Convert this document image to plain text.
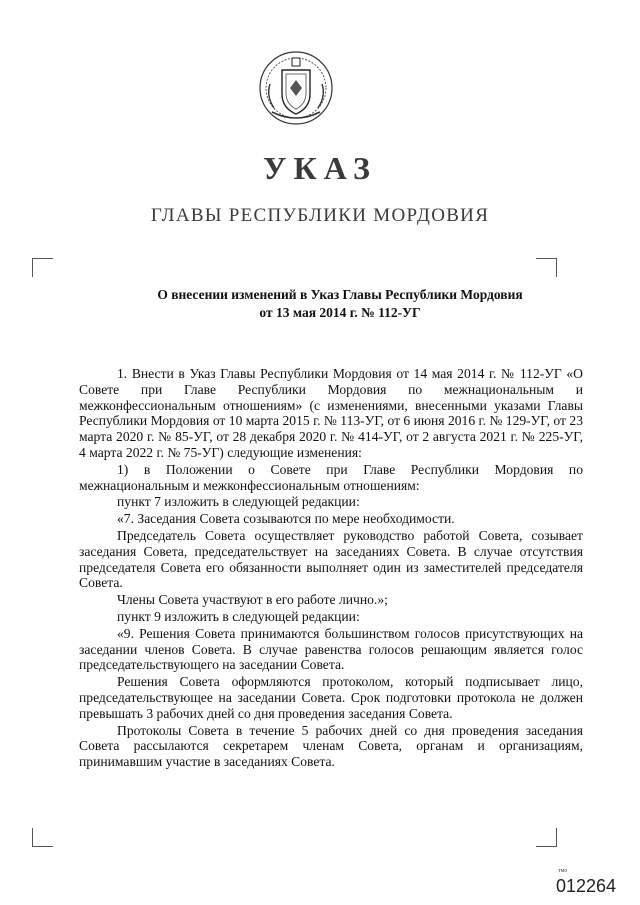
УКАЗ
ГЛАВЫ РЕСПУБЛИКИ МОРДОВИЯ
О внесении изменений в Указ Главы Республики Мордовия
от 13 мая 2014 г. № 112-УГ

1. Внести в Указ Главы Республики Мордовия от 14 мая 2014 г. № 112-УГ «О Совете при Главе Республики Мордовия по межнациональным и межконфессиональным отношениям» (с изменениями, внесенными указами Главы Республики Мордовия от 10 марта 2015 г. № 113-УГ, от 6 июня 2016 г. № 129-УГ, от 23 марта 2020 г. № 85-УГ, от 28 декабря 2020 г. № 414-УГ, от 2 августа 2021 г. № 225-УГ, 4 марта 2022 г. № 75-УГ) следующие изменения:

1) в Положении о Совете при Главе Республики Мордовия по межнациональным и межконфессиональным отношениям:

пункт 7 изложить в следующей редакции:

«7. Заседания Совета созываются по мере необходимости.

Председатель Совета осуществляет руководство работой Совета, созывает заседания Совета, председательствует на заседаниях Совета. В случае отсутствия председателя Совета его обязанности выполняет один из заместителей председателя Совета.

Члены Совета участвуют в его работе лично.»;

пункт 9 изложить в следующей редакции:

«9. Решения Совета принимаются большинством голосов присутствующих на заседании членов Совета. В случае равенства голосов решающим является голос председательствующего на заседании Совета.

Решения Совета оформляются протоколом, который подписывает лицо, председательствующее на заседании Совета. Срок подготовки протокола не должен превышать 3 рабочих дней со дня проведения заседания Совета.

Протоколы Совета в течение 5 рабочих дней со дня проведения заседания Совета рассылаются секретарем членам Совета, органам и организациям, принимавшим участие в заседаниях Совета.

тмо
012264
